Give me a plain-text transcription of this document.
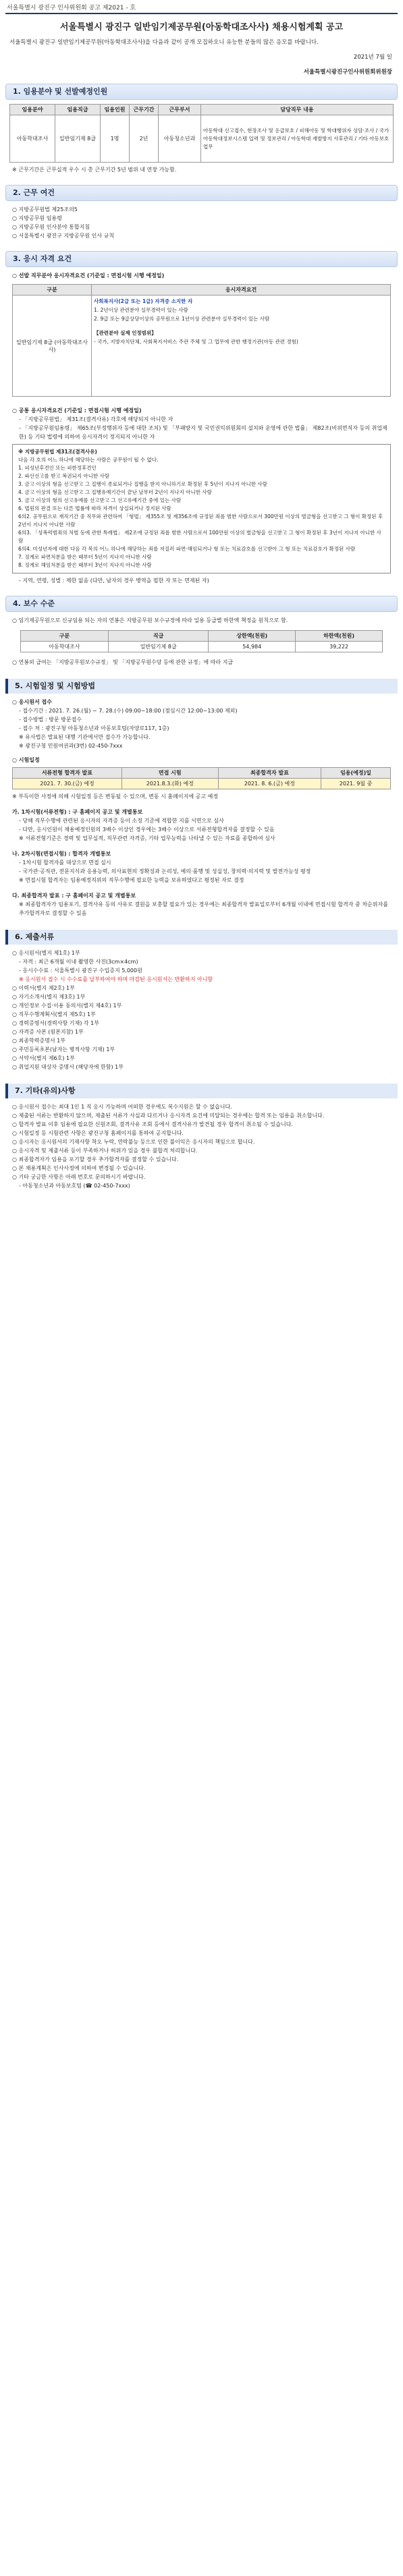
서울특별시 광진구 인사위원회 공고 제2021 - 호
서울특별시 광진구 일반임기제공무원(아동학대조사사) 채용시험계획 공고
서울특별시 광진구 일반임기제공무원(아동학대조사사)을 다음과 같이 공개 모집하오니 유능한 분들의 많은 응모를 바랍니다.
2021년 7월 일
서울특별시광진구인사위원회위원장
1. 임용분야 및 선발예정인원
임용분야	임용직급	임용인원	근무기간	근무부서	담당직무 내용
아동학대조사	일반임기제 8급	1명	2년	아동청소년과	아동학대 신고접수, 현장조사 및 응급보호 / 피해아동 및 학대행위자 상담·조사 / 국가아동학대정보시스템 입력 및 정보관리 / 아동학대 재발방지 사후관리 / 기타 아동보호 업무
※ 근무기간은 근무실적 우수 시 총 근무기간 5년 범위 내 연장 가능함.
2. 근무 여건
○ 지방공무원법 제25조의5
○ 지방공무원 임용령
○ 지방공무원 인사분야 통합지침
○ 서울특별시 광진구 지방공무원 인사 규칙
3. 응시 자격 요건
○ 선발 직무분야 응시자격요건 (기준일 : 면접시험 시행 예정일)
구분	응시자격요건
일반임기제 8급 (아동학대조사사)	사회복지사(2급 또는 1급) 자격증 소지한 자
1. 2년이상 관련분야 실무경력이 있는 사람
2. 9급 또는 9급상당이상의 공무원으로 1년이상 관련분야 실무경력이 있는 사람
【관련분야 실제 인정범위】
- 국가, 지방자치단체, 사회복지서비스 주관 주체 및 그 업무에 관한 행정기관(아동 관련 경험)
○ 공통 응시자격요건 (기준일 : 면접시험 시행 예정일)
- 「지방공무원법」 제31조(결격사유) 각호에 해당되지 아니한 자
- 「지방공무원임용령」 제65조(부정행위자 등에 대한 조치) 및 「부패방지 및 국민권익위원회의 설치와 운영에 관한 법률」 제82조(비위면직자 등의 취업제한) 등 기타 법령에 의하여 응시자격이 정지되지 아니한 자
※ 지방공무원법 제31조(결격사유)
다음 각 호의 어느 하나에 해당하는 사람은 공무원이 될 수 없다.
1. 피성년후견인 또는 피한정후견인
2. 파산선고를 받고 복권되지 아니한 사람
3. 금고 이상의 형을 선고받고 그 집행이 종료되거나 집행을 받지 아니하기로 확정된 후 5년이 지나지 아니한 사람
4. 금고 이상의 형을 선고받고 그 집행유예기간이 끝난 날부터 2년이 지나지 아니한 사람
5. 금고 이상의 형의 선고유예를 선고받고 그 선고유예기간 중에 있는 사람
6. 법원의 판결 또는 다른 법률에 따라 자격이 상실되거나 정지된 사람
6의2. 공무원으로 재직기간 중 직무와 관련하여 「형법」 제355조 및 제356조에 규정된 죄를 범한 사람으로서 300만원 이상의 벌금형을 선고받고 그 형이 확정된 후 2년이 지나지 아니한 사람
6의3. 「성폭력범죄의 처벌 등에 관한 특례법」 제2조에 규정된 죄를 범한 사람으로서 100만원 이상의 벌금형을 선고받고 그 형이 확정된 후 3년이 지나지 아니한 사람
6의4. 미성년자에 대한 다음 각 목의 어느 하나에 해당하는 죄를 저질러 파면·해임되거나 형 또는 치료감호를 선고받아 그 형 또는 치료감호가 확정된 사람
7. 징계로 파면처분을 받은 때부터 5년이 지나지 아니한 사람
8. 징계로 해임처분을 받은 때부터 3년이 지나지 아니한 사람
- 지역, 연령, 성별 : 제한 없음 (다만, 남자의 경우 병역을 필한 자 또는 면제된 자)
4. 보수 수준
○ 임기제공무원으로 신규임용 되는 자의 연봉은 지방공무원 보수규정에 따라 일용 등급별 하한액 책정을 원칙으로 함.
구분	직급	상한액(천원)	하한액(천원)
아동학대조사	일반임기제 8급	54,984	39,222
○ 연봉외 급여는 「지방공무원보수규정」 및 「지방공무원수당 등에 관한 규정」에 따라 지급
5. 시험일정 및 시험방법
○ 응시원서 접수
- 접수기간 : 2021. 7. 26.(월) ~ 7. 28.(수) 09:00~18:00 (점심시간 12:00~13:00 제외)
- 접수방법 : 방문 방문접수
- 접수 처 : 광진구청 아동청소년과 아동보호팀(자양로117, 1층)
※ 유사법은 발표된 대행 기관에서만 접수가 가능합니다.
※ 광진구청 민원여권과(3번) 02-450-7xxx
○ 시험일정
서류전형 합격자 발표	면접 시험	최종합격자 발표	임용(예정)일
2021. 7. 30.(금) 예정	2021.8.3.(화) 예정	2021. 8. 6.(금) 예정	2021. 9월 중
※ 부득이한 사정에 의해 시험일정 등은 변동될 수 있으며, 변동 시 홈페이지에 공고 예정
가. 1차시험(서류전형) : 구 홈페이지 공고 및 개별통보
- 당해 직무수행에 관련된 응시자의 자격증 등이 소정 기준에 적합한 지를 서면으로 심사
- 다만, 응시인원이 채용예정인원의 3배수 이상인 경우에는 3배수 이상으로 서류전형합격자를 결정할 수 있음
※ 서류전형기준은 경력 및 업무실적, 직무관련 자격증, 기타 업무능력을 나타낼 수 있는 자료를 종합하여 심사
나. 2차시험(면접시험) : 합격자 개별통보
- 1차시험 합격자를 대상으로 면접 실시
- 국가관·공직관, 전문지식과 응용능력, 의사표현의 정확성과 논리성, 예의·품행 및 성실성, 창의력·의지력 및 발전가능성 평정
※ 면접시험 합격자는 임용예정직위의 직무수행에 필요한 능력을 보유하였다고 평정된 자로 결정
다. 최종합격자 발표 : 구 홈페이지 공고 및 개별통보
※ 최종합격자가 임용포기, 결격사유 등의 사유로 결원을 보충할 필요가 있는 경우에는 최종합격자 발표일로부터 6개월 이내에 면접시험 합격자 중 차순위자를 추가합격자로 결정할 수 있음
6. 제출서류
○ 응시원서(별지 제1호) 1부
- 자격 : 최근 6개월 이내 촬영한 사진(3cm×4cm)
- 응시수수료 : 서울특별시 광진구 수입증지 5,000원
※ 응시원서 접수 시 수수료를 납부하여야 하며 마감된 응시원서는 반환하지 아니함
○ 이력서(별지 제2호) 1부
○ 자기소개서(별지 제3호) 1부
○ 개인정보 수집·이용 동의서(별지 제4호) 1부
○ 직무수행계획서(별지 제5호) 1부
○ 경력증명서(경력사항 기재) 각 1부
○ 자격증 사본 (원본지참) 1부
○ 최종학력증명서 1부
○ 주민등록초본(남자는 병적사항 기재) 1부
○ 서약서(별지 제6호) 1부
○ 취업지원 대상자 증명서 (해당자에 한함) 1부
7. 기타(유의)사항
○ 응시원서 접수는 최대 1인 1 직 응시 가능하며 어떠한 경우에도 복수지원은 할 수 없습니다.
○ 제출된 서류는 반환하지 않으며, 제출된 서류가 사실과 다르거나 응시자격 요건에 미달되는 경우에는 합격 또는 임용을 취소합니다.
○ 합격자 발표 이후 임용에 필요한 신원조회, 결격사유 조회 등에서 결격사유가 발견될 경우 합격이 취소될 수 있습니다.
○ 시험일정 등 시험관련 사항은 광진구청 홈페이지를 통하여 공지합니다.
○ 응시자는 응시원서의 기재사항 착오 누락, 연락불능 등으로 인한 불이익은 응시자의 책임으로 합니다.
○ 응시자격 및 제출서류 등이 부족하거나 허위가 있을 경우 불합격 처리합니다.
○ 최종합격자가 임용을 포기할 경우 추가합격자를 결정할 수 있습니다.
○ 본 채용계획은 인사사정에 의하여 변경될 수 있습니다.
○ 기타 궁금한 사항은 아래 번호로 문의하시기 바랍니다.
- 아동청소년과 아동보호팀 (☎ 02-450-7xxx)
